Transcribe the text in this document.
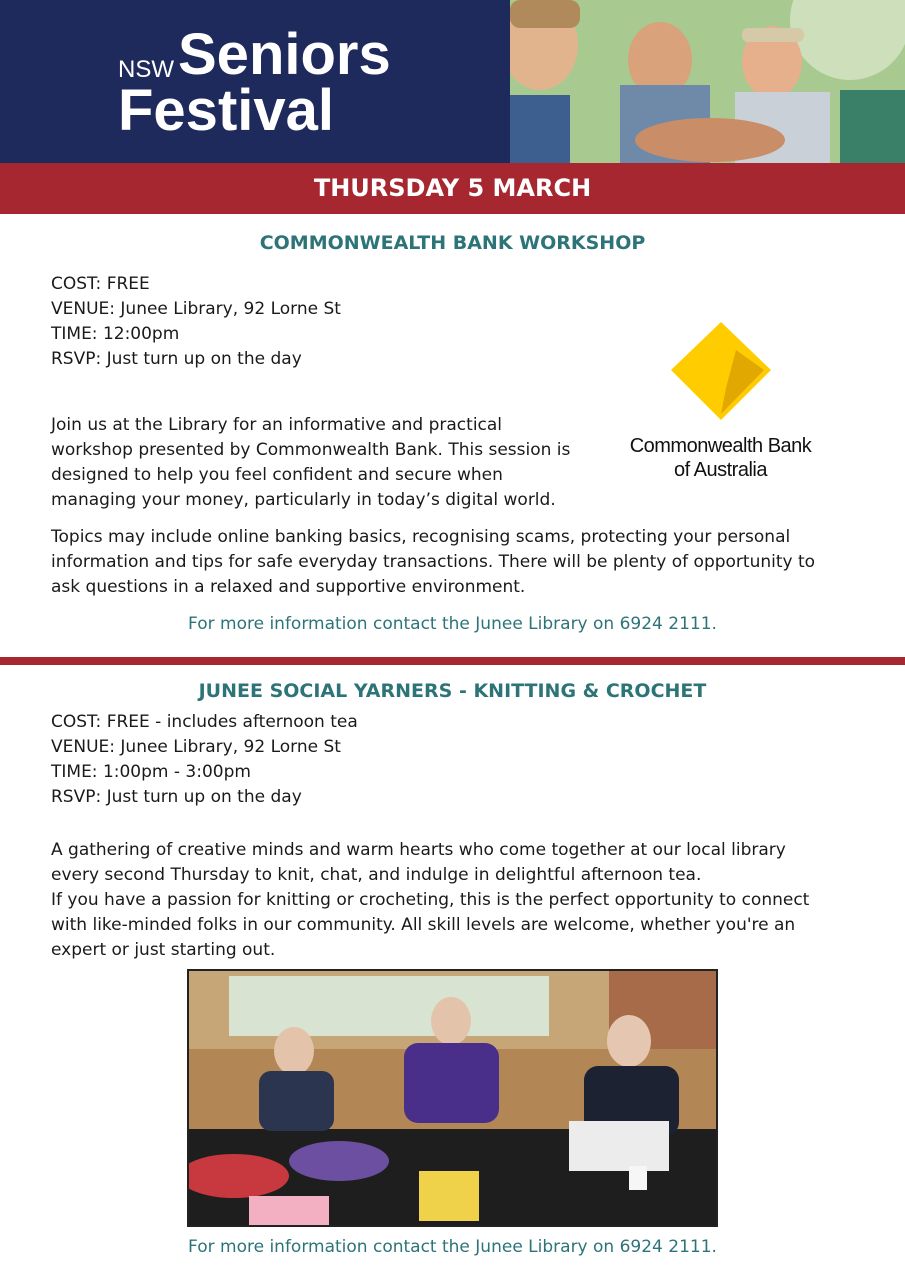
NSW Seniors
Festival
THURSDAY 5 MARCH
COMMONWEALTH BANK WORKSHOP
COST: FREE
VENUE: Junee Library, 92 Lorne St
TIME: 12:00pm
RSVP: Just turn up on the day
Join us at the Library for an informative and practical
workshop presented by Commonwealth Bank. This session is
designed to help you feel confident and secure when
managing your money, particularly in today’s digital world.
Commonwealth Bank
of Australia
Topics may include online banking basics, recognising scams, protecting your personal
information and tips for safe everyday transactions. There will be plenty of opportunity to
ask questions in a relaxed and supportive environment.
For more information contact the Junee Library on 6924 2111.
JUNEE SOCIAL YARNERS - KNITTING & CROCHET
COST: FREE - includes afternoon tea
VENUE: Junee Library, 92 Lorne St
TIME: 1:00pm - 3:00pm
RSVP: Just turn up on the day
A gathering of creative minds and warm hearts who come together at our local library
every second Thursday to knit, chat, and indulge in delightful afternoon tea.
If you have a passion for knitting or crocheting, this is the perfect opportunity to connect
with like-minded folks in our community. All skill levels are welcome, whether you're an
expert or just starting out.
For more information contact the Junee Library on 6924 2111.
